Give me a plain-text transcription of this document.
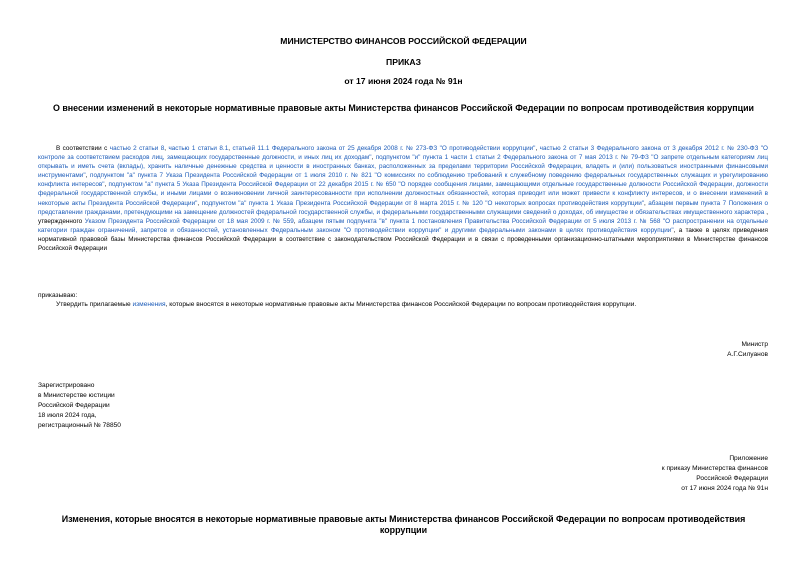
МИНИСТЕРСТВО ФИНАНСОВ РОССИЙСКОЙ ФЕДЕРАЦИИ
ПРИКАЗ
от 17 июня 2024 года № 91н
О внесении изменений в некоторые нормативные правовые акты Министерства финансов Российской Федерации по вопросам противодействия коррупции
В соответствии с частью 2 статьи 8, частью 1 статьи 8.1, статьей 11.1 Федерального закона от 25 декабря 2008 г. № 273-ФЗ "О противодействии коррупции", частью 2 статьи 3 Федерального закона от 3 декабря 2012 г. № 230-ФЗ "О контроле за соответствием расходов лиц, замещающих государственные должности, и иных лиц их доходам", подпунктом "и" пункта 1 части 1 статьи 2 Федерального закона от 7 мая 2013 г. № 79-ФЗ "О запрете отдельным категориям лиц открывать и иметь счета (вклады), хранить наличные денежные средства и ценности в иностранных банках, расположенных за пределами территории Российской Федерации, владеть и (или) пользоваться иностранными финансовыми инструментами", подпунктом "а" пункта 7 Указа Президента Российской Федерации от 1 июля 2010 г. № 821 "О комиссиях по соблюдению требований к служебному поведению федеральных государственных служащих и урегулированию конфликта интересов", подпунктом "а" пункта 5 Указа Президента Российской Федерации от 22 декабря 2015 г. № 650 "О порядке сообщения лицами, замещающими отдельные государственные должности Российской Федерации, должности федеральной государственной службы, и иными лицами о возникновении личной заинтересованности при исполнении должностных обязанностей, которая приводит или может привести к конфликту интересов, и о внесении изменений в некоторые акты Президента Российской Федерации", подпунктом "а" пункта 1 Указа Президента Российской Федерации от 8 марта 2015 г. № 120 "О некоторых вопросах противодействия коррупции", абзацем первым пункта 7 Положения о представлении гражданами, претендующими на замещение должностей федеральной государственной службы, и федеральными государственными служащими сведений о доходах, об имуществе и обязательствах имущественного характера , утвержденного Указом Президента Российской Федерации от 18 мая 2009 г. № 559, абзацем пятым подпункта "в" пункта 1 постановления Правительства Российской Федерации от 5 июля 2013 г. № 568 "О распространении на отдельные категории граждан ограничений, запретов и обязанностей, установленных Федеральным законом "О противодействии коррупции" и другими федеральными законами в целях противодействия коррупции", а также в целях приведения нормативной правовой базы Министерства финансов Российской Федерации в соответствие с законодательством Российской Федерации и в связи с проведенными организационно-штатными мероприятиями в Министерстве финансов Российской Федерации
приказываю:
Утвердить прилагаемые изменения, которые вносятся в некоторые нормативные правовые акты Министерства финансов Российской Федерации по вопросам противодействия коррупции.
Министр
А.Г.Силуанов
Зарегистрировано
в Министерстве юстиции
Российской Федерации
18 июля 2024 года,
регистрационный № 78850
Приложение
к приказу Министерства финансов
Российской Федерации
от 17 июня 2024 года № 91н
Изменения, которые вносятся в некоторые нормативные правовые акты Министерства финансов Российской Федерации по вопросам противодействия коррупции
